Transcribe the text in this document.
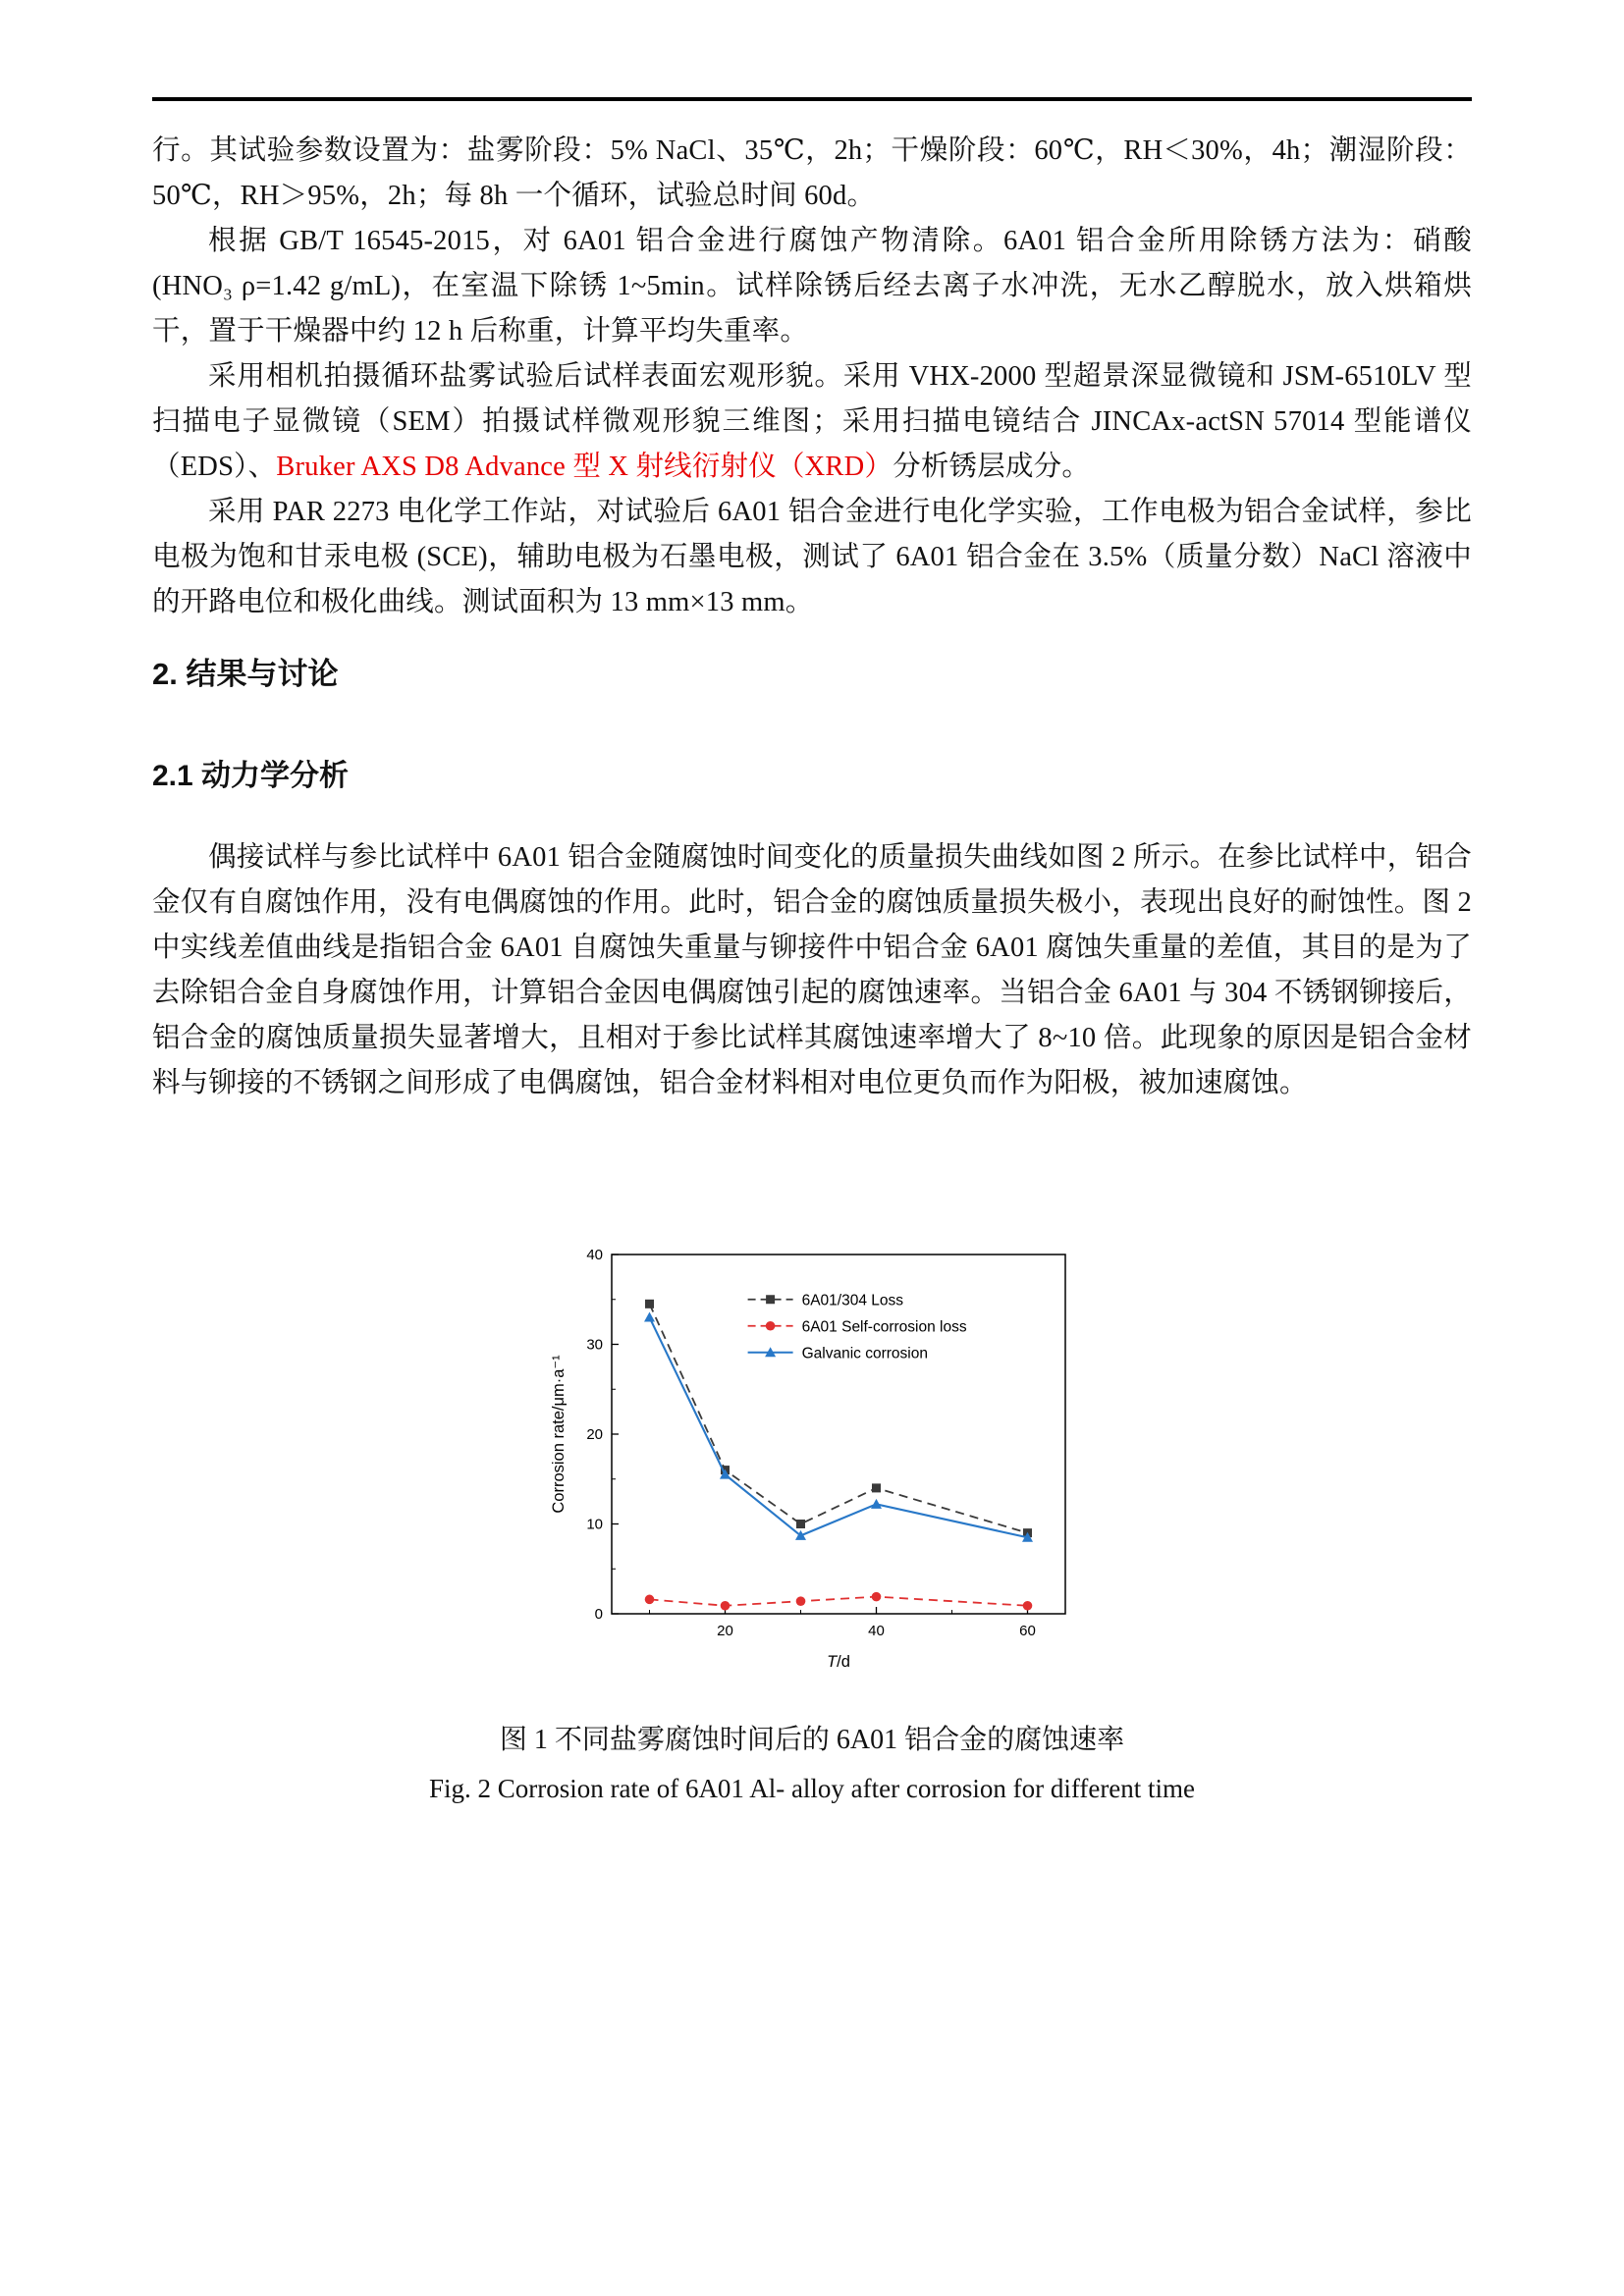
行。其试验参数设置为：盐雾阶段：5% NaCl、35℃，2h；干燥阶段：60℃，RH＜30%，4h；潮湿阶段：50℃，RH＞95%，2h；每 8h 一个循环，试验总时间 60d。

根据 GB/T 16545-2015，对 6A01 铝合金进行腐蚀产物清除。6A01 铝合金所用除锈方法为：硝酸 (HNO₃ ρ=1.42 g/mL)，在室温下除锈 1~5min。试样除锈后经去离子水冲洗，无水乙醇脱水，放入烘箱烘干，置于干燥器中约 12 h 后称重，计算平均失重率。

采用相机拍摄循环盐雾试验后试样表面宏观形貌。采用 VHX-2000 型超景深显微镜和 JSM-6510LV 型扫描电子显微镜（SEM）拍摄试样微观形貌三维图；采用扫描电镜结合 JINCAx-actSN 57014 型能谱仪（EDS）、Bruker AXS D8 Advance 型 X 射线衍射仪（XRD）分析锈层成分。

采用 PAR 2273 电化学工作站，对试验后 6A01 铝合金进行电化学实验，工作电极为铝合金试样，参比电极为饱和甘汞电极 (SCE)，辅助电极为石墨电极，测试了 6A01 铝合金在 3.5%（质量分数）NaCl 溶液中的开路电位和极化曲线。测试面积为 13 mm×13 mm。

2. 结果与讨论
2.1 动力学分析

偶接试样与参比试样中 6A01 铝合金随腐蚀时间变化的质量损失曲线如图 2 所示。在参比试样中，铝合金仅有自腐蚀作用，没有电偶腐蚀的作用。此时，铝合金的腐蚀质量损失极小，表现出良好的耐蚀性。图 2 中实线差值曲线是指铝合金 6A01 自腐蚀失重量与铆接件中铝合金 6A01 腐蚀失重量的差值，其目的是为了去除铝合金自身腐蚀作用，计算铝合金因电偶腐蚀引起的腐蚀速率。当铝合金 6A01 与 304 不锈钢铆接后，铝合金的腐蚀质量损失显著增大，且相对于参比试样其腐蚀速率增大了 8~10 倍。此现象的原因是铝合金材料与铆接的不锈钢之间形成了电偶腐蚀，铝合金材料相对电位更负而作为阳极，被加速腐蚀。

0
10
20
30
40
20	40	60
Corrosion rate/μm·a⁻¹
T/d
6A01/304 Loss
6A01 Self-corrosion loss
Galvanic corrosion

图 1 不同盐雾腐蚀时间后的 6A01 铝合金的腐蚀速率

Fig. 2 Corrosion rate of 6A01 Al- alloy after corrosion for different time
